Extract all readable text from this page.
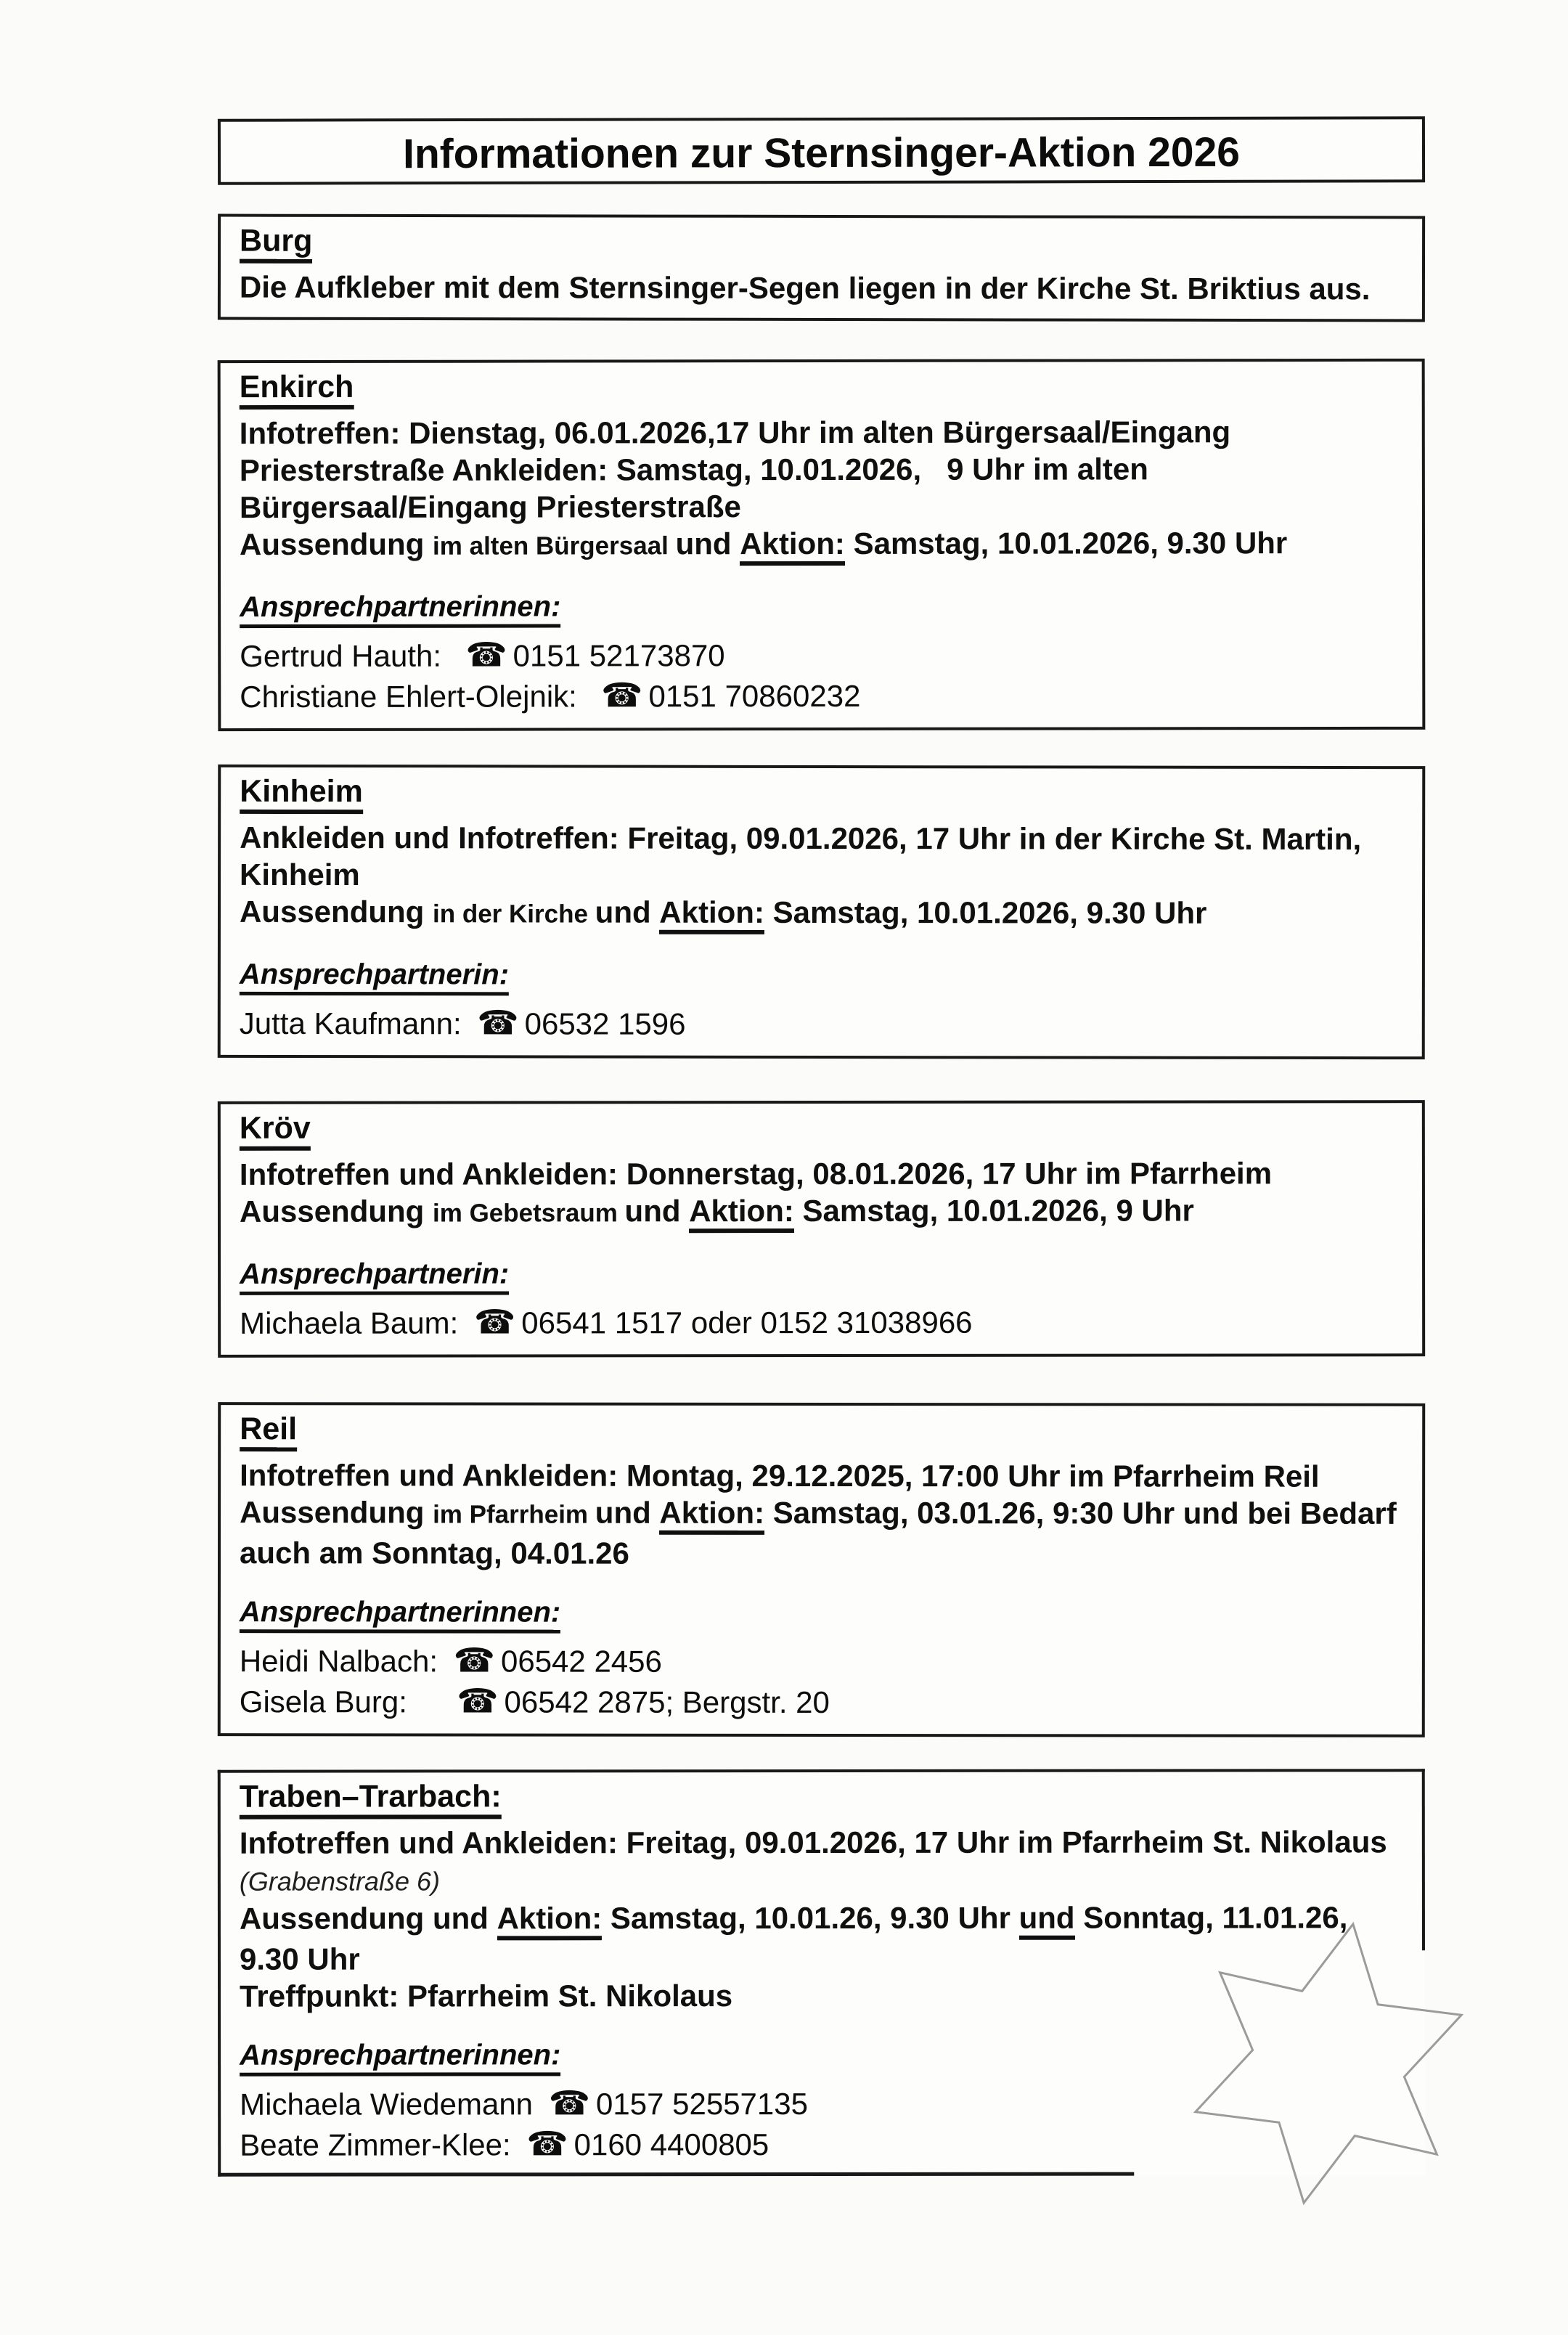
Informationen zur Sternsinger-Aktion 2026
Burg
Die Aufkleber mit dem Sternsinger-Segen liegen in der Kirche St. Briktius aus.
Enkirch
Infotreffen: Dienstag, 06.01.2026,17 Uhr im alten Bürgersaal/Eingang
Priesterstraße Ankleiden: Samstag, 10.01.2026,   9 Uhr im alten
Bürgersaal/Eingang Priesterstraße
Aussendung im alten Bürgersaal und Aktion: Samstag, 10.01.2026, 9.30 Uhr
Ansprechpartnerinnen:
Gertrud Hauth:  ☎ 0151 52173870
Christiane Ehlert-Olejnik:  ☎ 0151 70860232
Kinheim
Ankleiden und Infotreffen: Freitag, 09.01.2026, 17 Uhr in der Kirche St. Martin,
Kinheim
Aussendung in der Kirche und Aktion: Samstag, 10.01.2026, 9.30 Uhr
Ansprechpartnerin:
Jutta Kaufmann: ☎ 06532 1596
Kröv
Infotreffen und Ankleiden: Donnerstag, 08.01.2026, 17 Uhr im Pfarrheim
Aussendung im Gebetsraum und Aktion: Samstag, 10.01.2026, 9 Uhr
Ansprechpartnerin:
Michaela Baum: ☎ 06541 1517 oder 0152 31038966
Reil
Infotreffen und Ankleiden: Montag, 29.12.2025, 17:00 Uhr im Pfarrheim Reil
Aussendung im Pfarrheim und Aktion: Samstag, 03.01.26, 9:30 Uhr und bei Bedarf
auch am Sonntag, 04.01.26
Ansprechpartnerinnen:
Heidi Nalbach: ☎ 06542 2456
Gisela Burg:     ☎ 06542 2875; Bergstr. 20
Traben–Trarbach:
Infotreffen und Ankleiden: Freitag, 09.01.2026, 17 Uhr im Pfarrheim St. Nikolaus
(Grabenstraße 6)
Aussendung und Aktion: Samstag, 10.01.26, 9.30 Uhr und Sonntag, 11.01.26,
9.30 Uhr
Treffpunkt: Pfarrheim St. Nikolaus
Ansprechpartnerinnen:
Michaela Wiedemann ☎ 0157 52557135
Beate Zimmer-Klee: ☎ 0160 4400805
